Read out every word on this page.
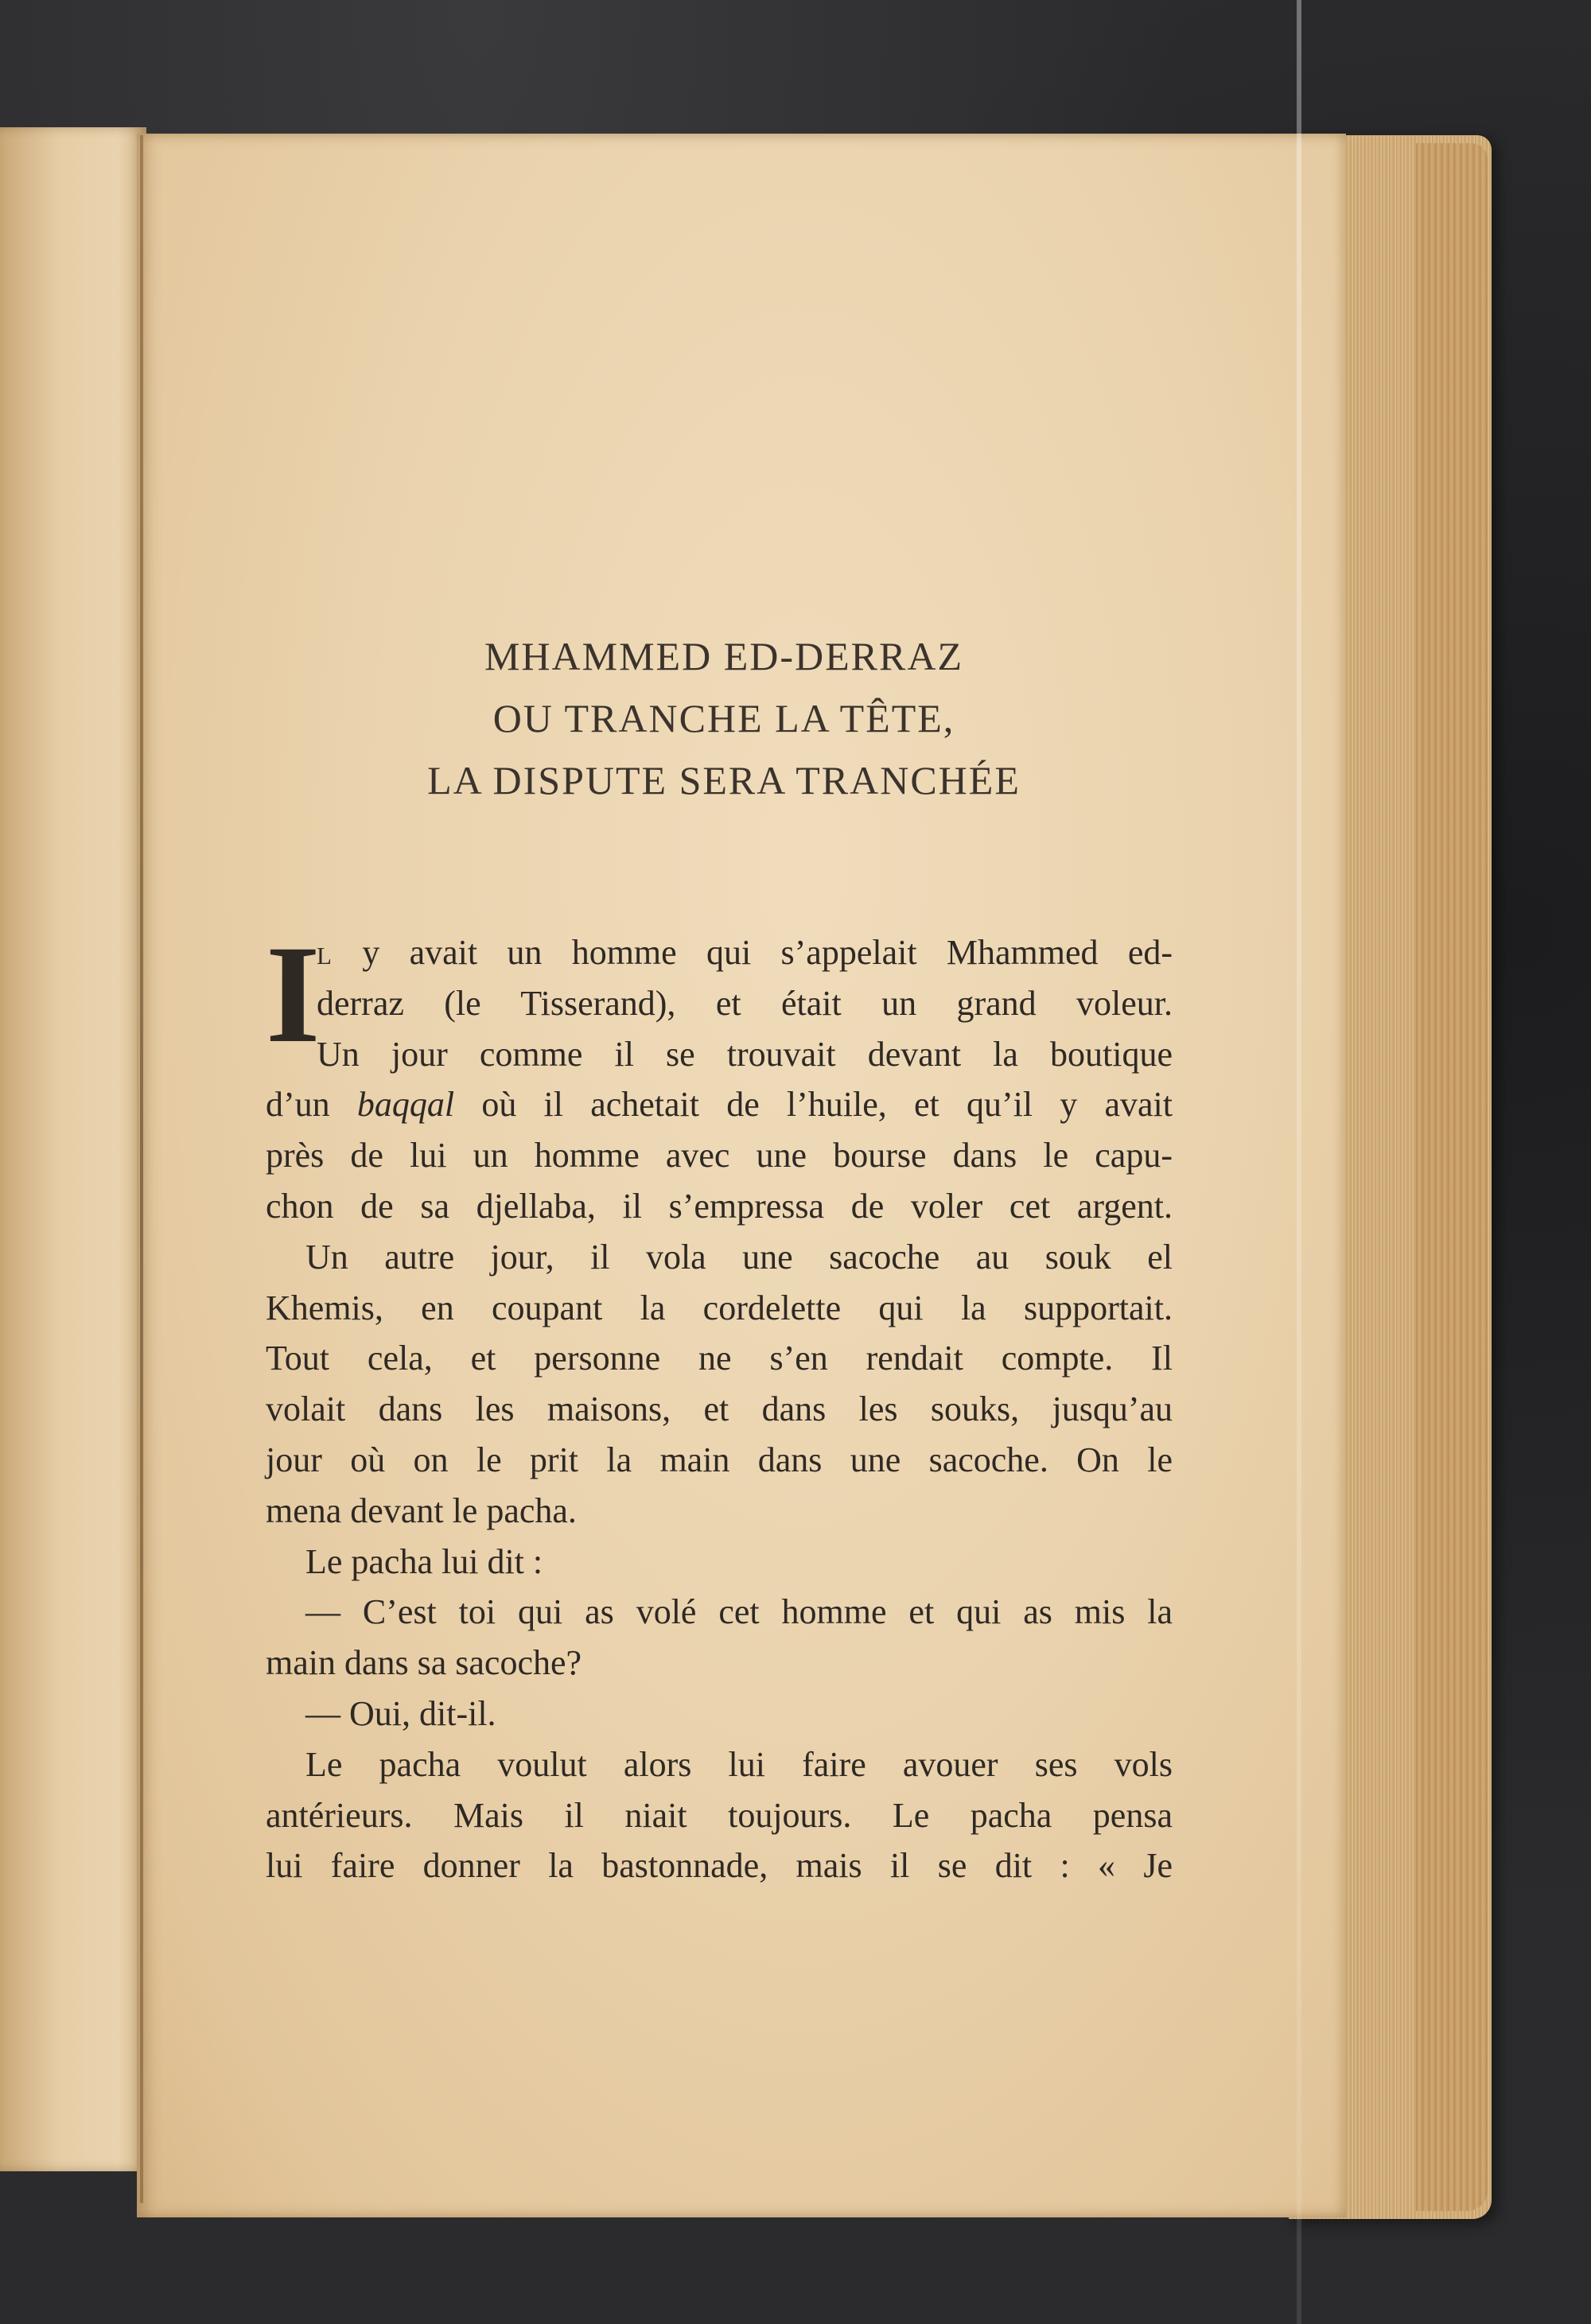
MHAMMED ED-DERRAZ
OU TRANCHE LA TÊTE,
LA DISPUTE SERA TRANCHÉE
I
l y avait un homme qui s’appelait Mhammed ed-
derraz (le Tisserand), et était un grand voleur.
Un jour comme il se trouvait devant la boutique
d’un baqqal où il achetait de l’huile, et qu’il y avait
près de lui un homme avec une bourse dans le capu-
chon de sa djellaba, il s’empressa de voler cet argent.
Un autre jour, il vola une sacoche au souk el
Khemis, en coupant la cordelette qui la supportait.
Tout cela, et personne ne s’en rendait compte. Il
volait dans les maisons, et dans les souks, jusqu’au
jour où on le prit la main dans une sacoche. On le
mena devant le pacha.
Le pacha lui dit :
— C’est toi qui as volé cet homme et qui as mis la
main dans sa sacoche?
— Oui, dit-il.
Le pacha voulut alors lui faire avouer ses vols
antérieurs. Mais il niait toujours. Le pacha pensa
lui faire donner la bastonnade, mais il se dit : « Je
